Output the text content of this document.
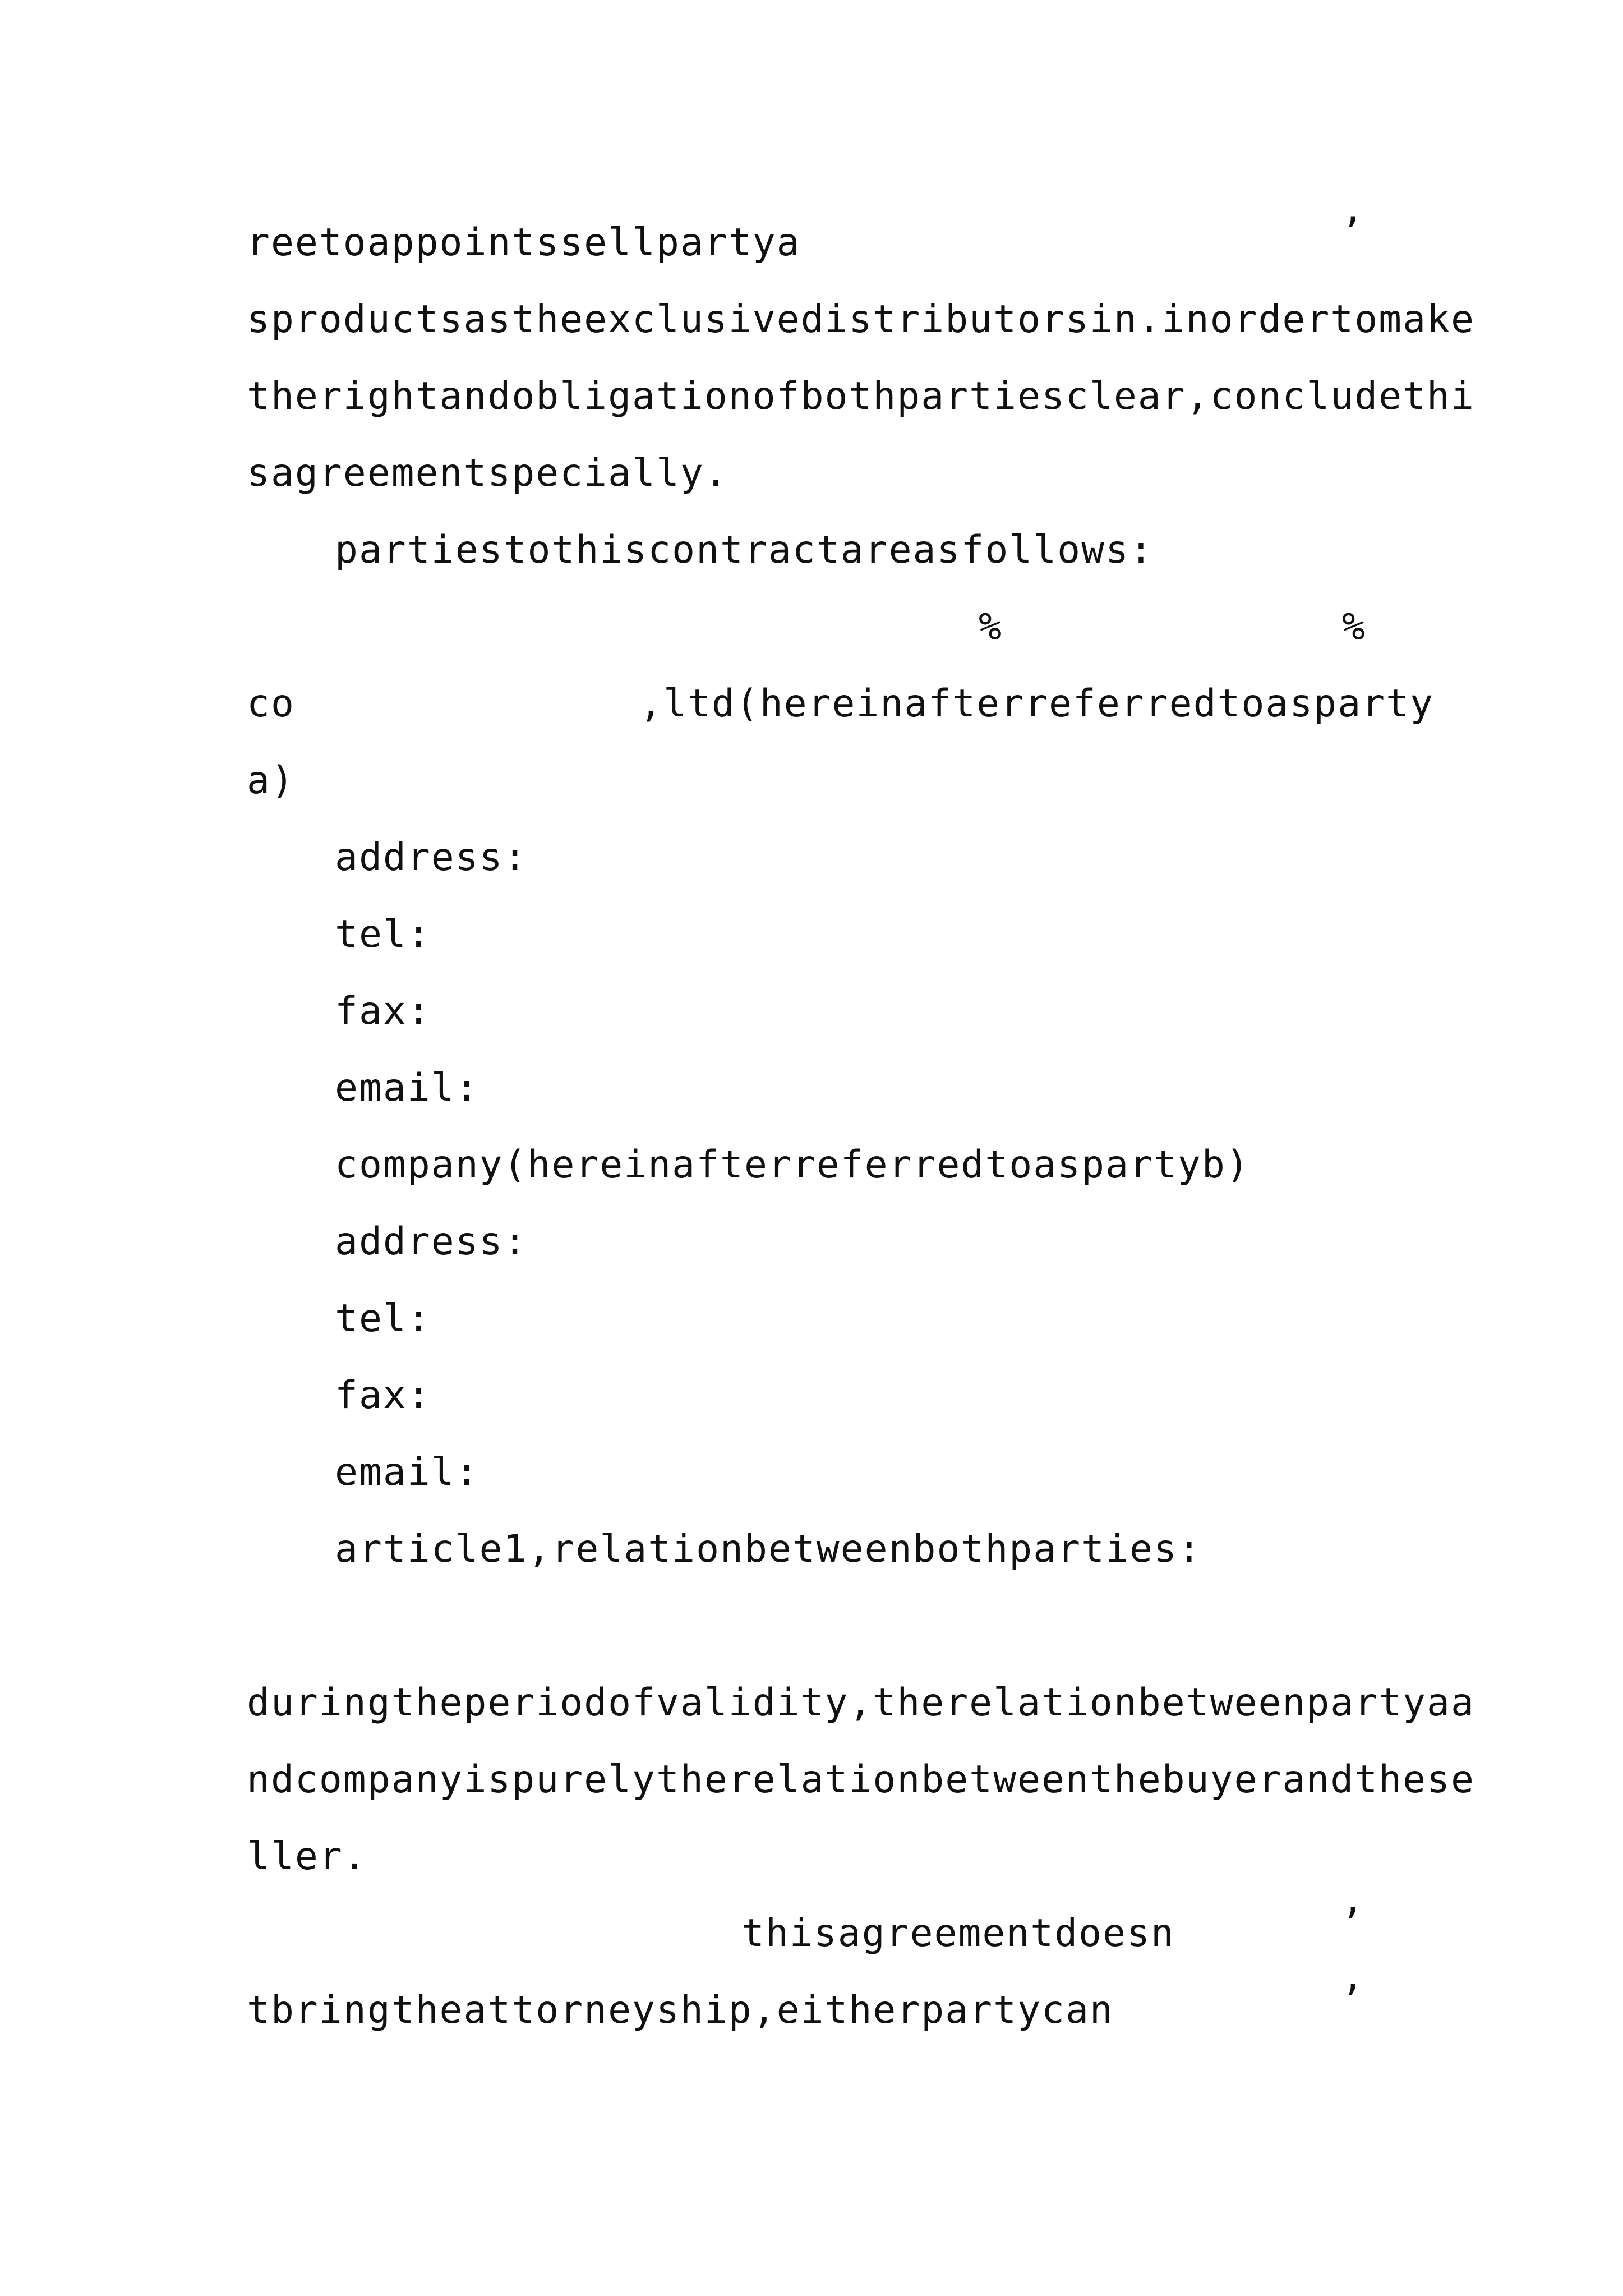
reetoappointssellpartya	’
sproductsastheexclusivedistributorsin.inordertomake
therightandobligationofbothpartiesclear,concludethi
sagreementspecially.
partiestothiscontractareasfollows:
%	%
co	,ltd(hereinafterreferredtoasparty
a)
address:
tel:
fax:
email:
company(hereinafterreferredtoaspartyb)
address:
tel:
fax:
email:
article1,relationbetweenbothparties:
duringtheperiodofvalidity,therelationbetweenpartyaa
ndcompanyispurelytherelationbetweenthebuyerandthese
ller.
thisagreementdoesn	’
tbringtheattorneyship,eitherpartycan	’
